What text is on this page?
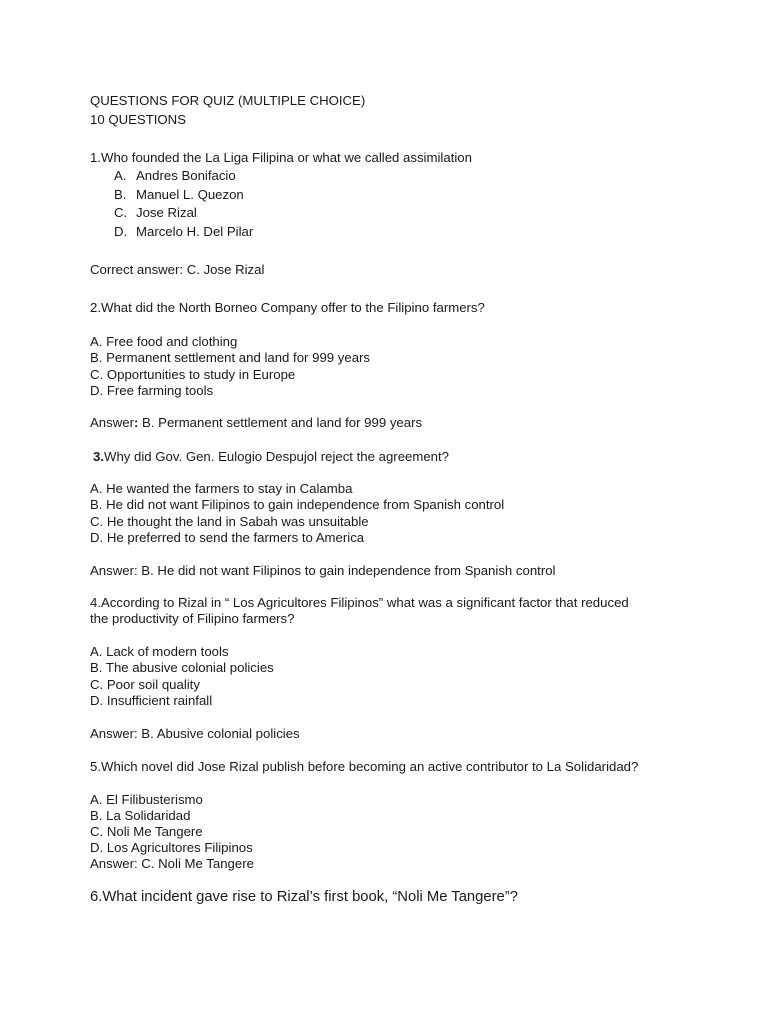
QUESTIONS FOR QUIZ (MULTIPLE CHOICE)
10 QUESTIONS
1.Who founded the La Liga Filipina or what we called assimilation
A. Andres Bonifacio
B. Manuel L. Quezon
C. Jose Rizal
D. Marcelo H. Del Pilar
Correct answer: C. Jose Rizal
2.What did the North Borneo Company offer to the Filipino farmers?
A. Free food and clothing
B. Permanent settlement and land for 999 years
C. Opportunities to study in Europe
D. Free farming tools
Answer: B. Permanent settlement and land for 999 years
3.Why did Gov. Gen. Eulogio Despujol reject the agreement?
A. He wanted the farmers to stay in Calamba
B. He did not want Filipinos to gain independence from Spanish control
C. He thought the land in Sabah was unsuitable
D. He preferred to send the farmers to America
Answer: B. He did not want Filipinos to gain independence from Spanish control
4.According to Rizal in “ Los Agricultores Filipinos” what was a significant factor that reduced
the productivity of Filipino farmers?
A. Lack of modern tools
B. The abusive colonial policies
C. Poor soil quality
D. Insufficient rainfall
Answer: B. Abusive colonial policies
5.Which novel did Jose Rizal publish before becoming an active contributor to La Solidaridad?
A. El Filibusterismo
B. La Solidaridad
C. Noli Me Tangere
D. Los Agricultores Filipinos
Answer: C. Noli Me Tangere
6.What incident gave rise to Rizal’s first book, “Noli Me Tangere”?
